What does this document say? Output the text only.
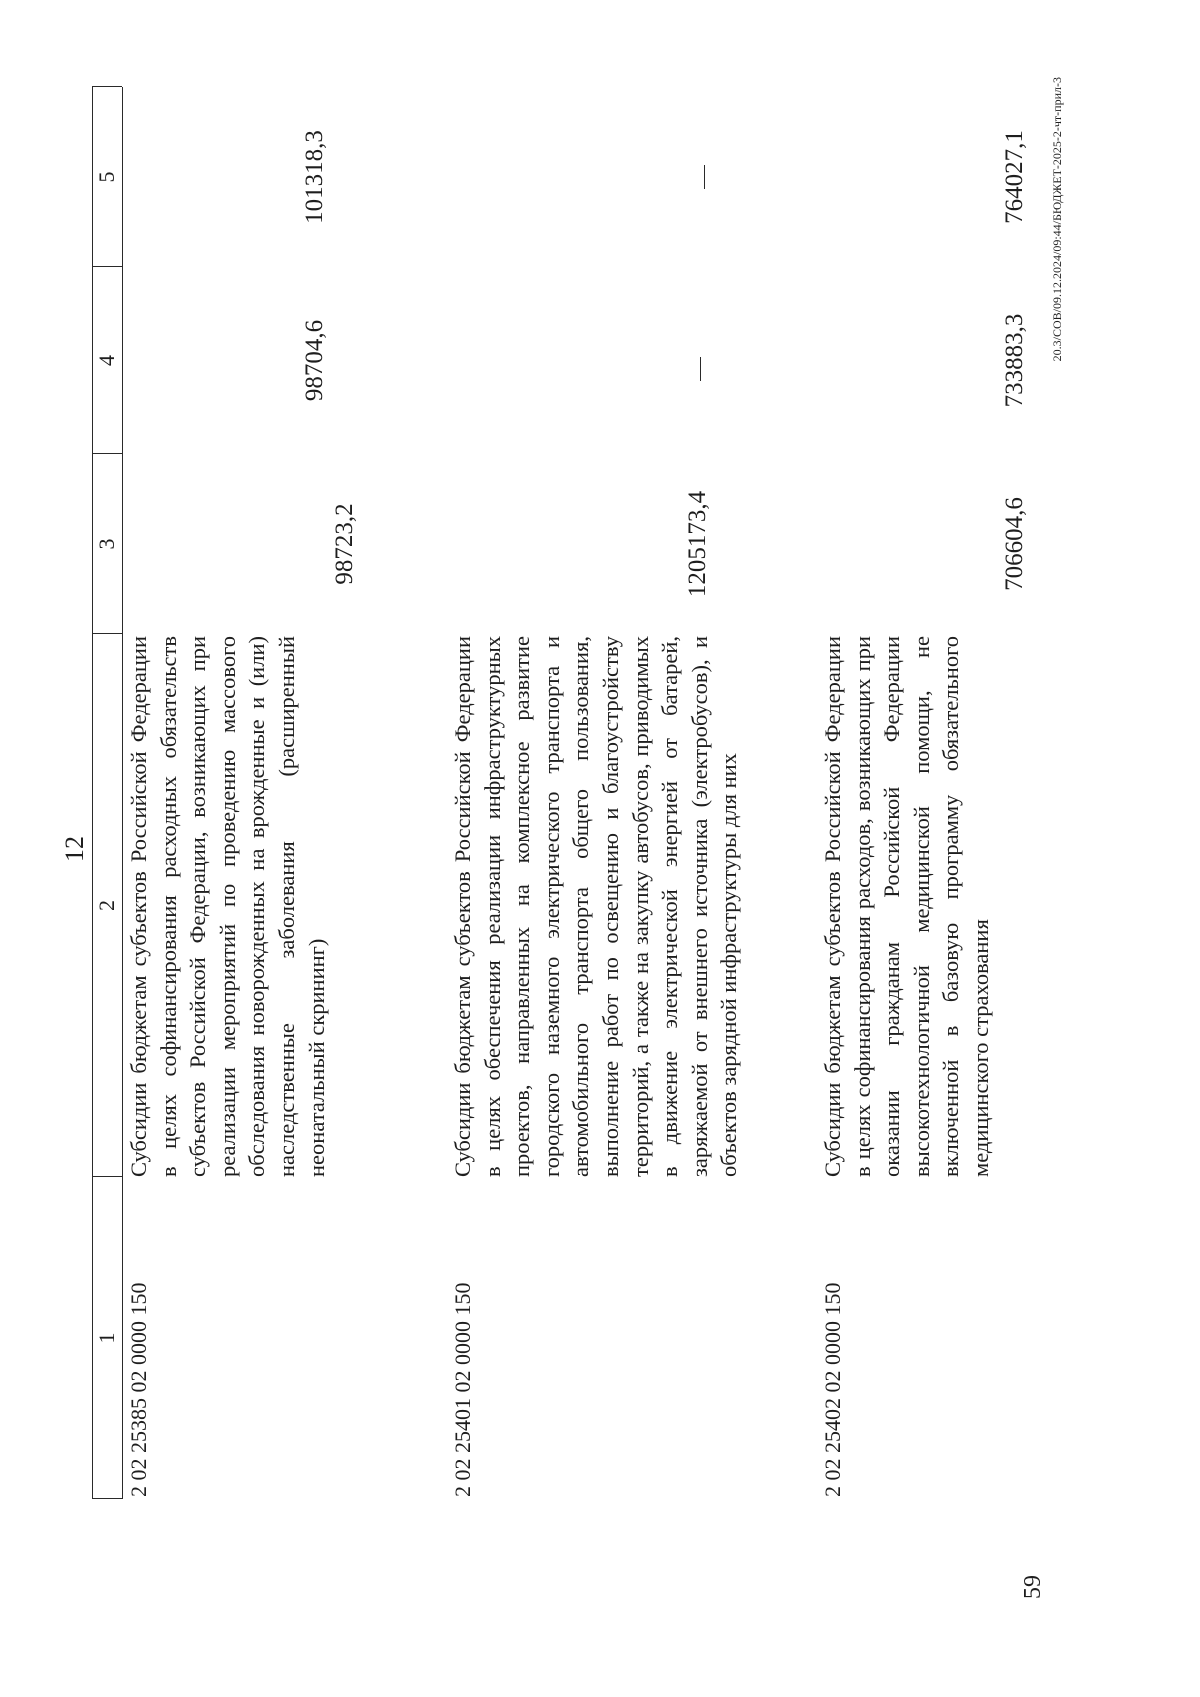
12
1
2
3
4
5
2 02 25385 02 0000 150
Субсидии бюджетам субъектов Российской Федерации в целях софинансирования расходных обязательств субъектов Российской Федерации, возникающих при реализации мероприятий по проведению массового обследования новорожденных на врожденные и (или) наследственные заболевания (расширенный неонатальный скрининг)
98723,2
98704,6
101318,3
2 02 25401 02 0000 150
Субсидии бюджетам субъектов Российской Федерации в целях обеспечения реализации инфраструктурных проектов, направленных на комплексное развитие городского наземного электрического транспорта и автомобильного транспорта общего пользования, выполнение работ по освещению и благоустройству территорий, а также на закупку автобусов, приводимых в движение электрической энергией от батарей, заряжаемой от внешнего источника (электробусов), и объектов зарядной инфраструктуры для них
1205173,4
2 02 25402 02 0000 150
Субсидии бюджетам субъектов Российской Федерации в целях софинансирования расходов, возникающих при оказании гражданам Российской Федерации высокотехнологичной медицинской помощи, не включенной в базовую программу обязательного медицинского страхования
706604,6
733883,3
764027,1 20.3/СОВ/09.12.2024/09:44/БЮДЖЕТ-2025-2-чт-прил-3
59
